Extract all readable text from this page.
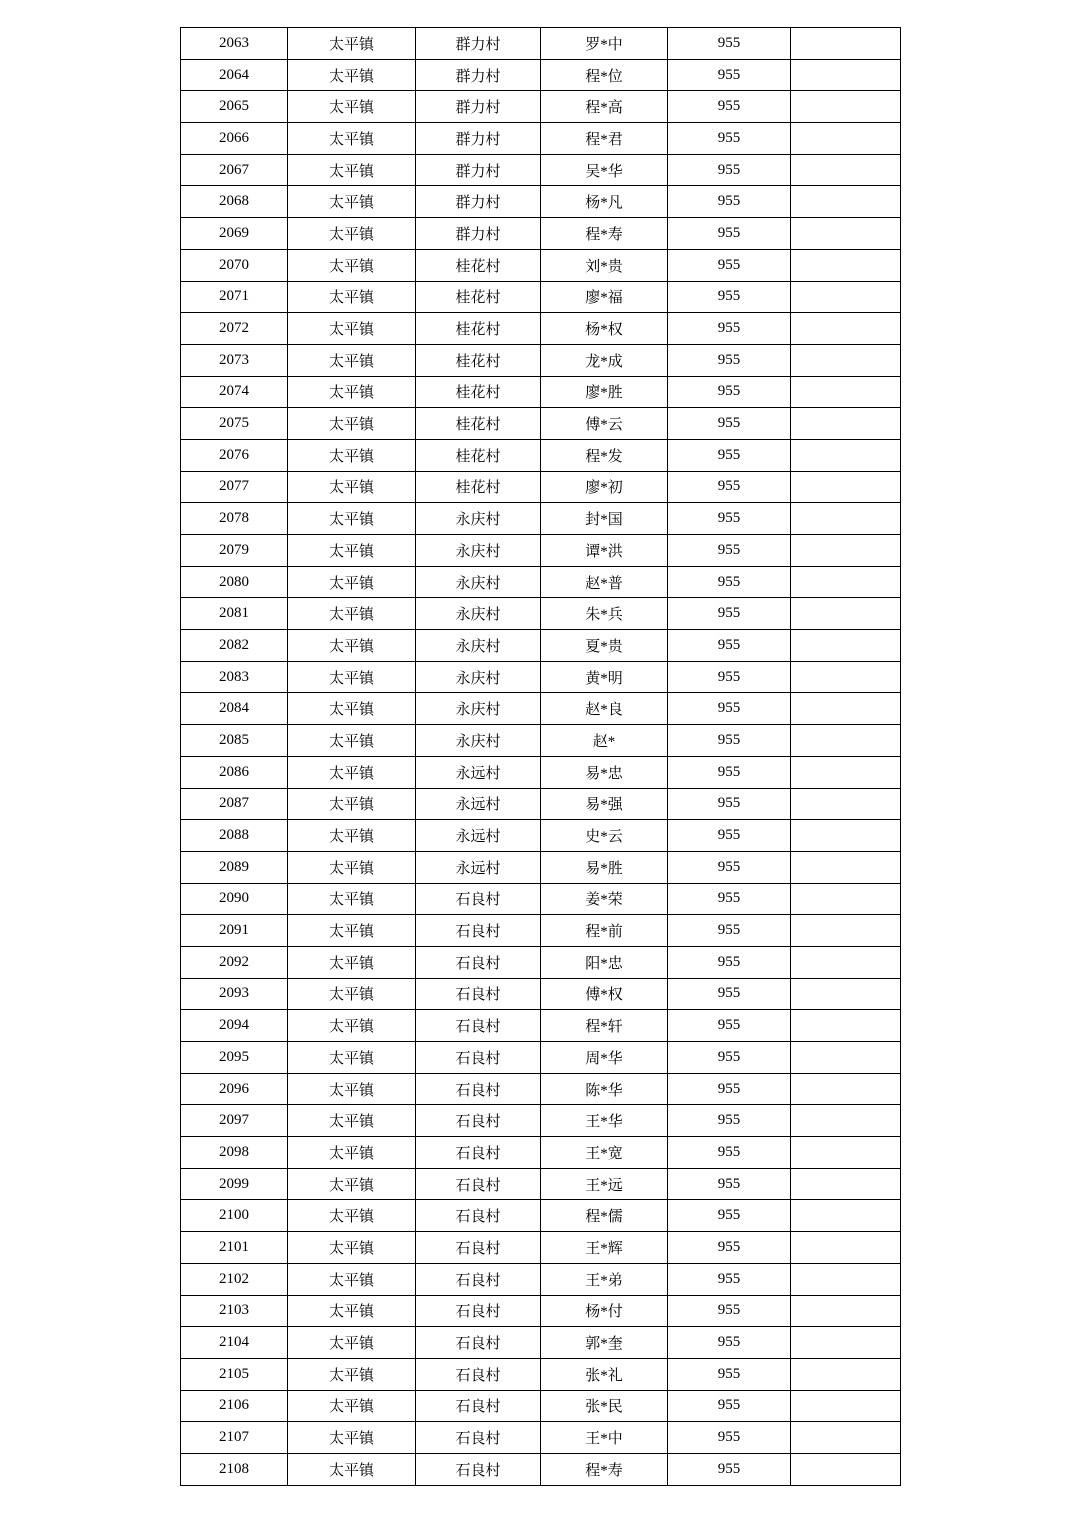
2063	太平镇	群力村	罗*中	955	
2064	太平镇	群力村	程*位	955	
2065	太平镇	群力村	程*高	955	
2066	太平镇	群力村	程*君	955	
2067	太平镇	群力村	吴*华	955	
2068	太平镇	群力村	杨*凡	955	
2069	太平镇	群力村	程*寿	955	
2070	太平镇	桂花村	刘*贵	955	
2071	太平镇	桂花村	廖*福	955	
2072	太平镇	桂花村	杨*权	955	
2073	太平镇	桂花村	龙*成	955	
2074	太平镇	桂花村	廖*胜	955	
2075	太平镇	桂花村	傅*云	955	
2076	太平镇	桂花村	程*发	955	
2077	太平镇	桂花村	廖*初	955	
2078	太平镇	永庆村	封*国	955	
2079	太平镇	永庆村	谭*洪	955	
2080	太平镇	永庆村	赵*普	955	
2081	太平镇	永庆村	朱*兵	955	
2082	太平镇	永庆村	夏*贵	955	
2083	太平镇	永庆村	黄*明	955	
2084	太平镇	永庆村	赵*良	955	
2085	太平镇	永庆村	赵*	955	
2086	太平镇	永远村	易*忠	955	
2087	太平镇	永远村	易*强	955	
2088	太平镇	永远村	史*云	955	
2089	太平镇	永远村	易*胜	955	
2090	太平镇	石良村	姜*荣	955	
2091	太平镇	石良村	程*前	955	
2092	太平镇	石良村	阳*忠	955	
2093	太平镇	石良村	傅*权	955	
2094	太平镇	石良村	程*轩	955	
2095	太平镇	石良村	周*华	955	
2096	太平镇	石良村	陈*华	955	
2097	太平镇	石良村	王*华	955	
2098	太平镇	石良村	王*宽	955	
2099	太平镇	石良村	王*远	955	
2100	太平镇	石良村	程*儒	955	
2101	太平镇	石良村	王*辉	955	
2102	太平镇	石良村	王*弟	955	
2103	太平镇	石良村	杨*付	955	
2104	太平镇	石良村	郭*奎	955	
2105	太平镇	石良村	张*礼	955	
2106	太平镇	石良村	张*民	955	
2107	太平镇	石良村	王*中	955	
2108	太平镇	石良村	程*寿	955	
